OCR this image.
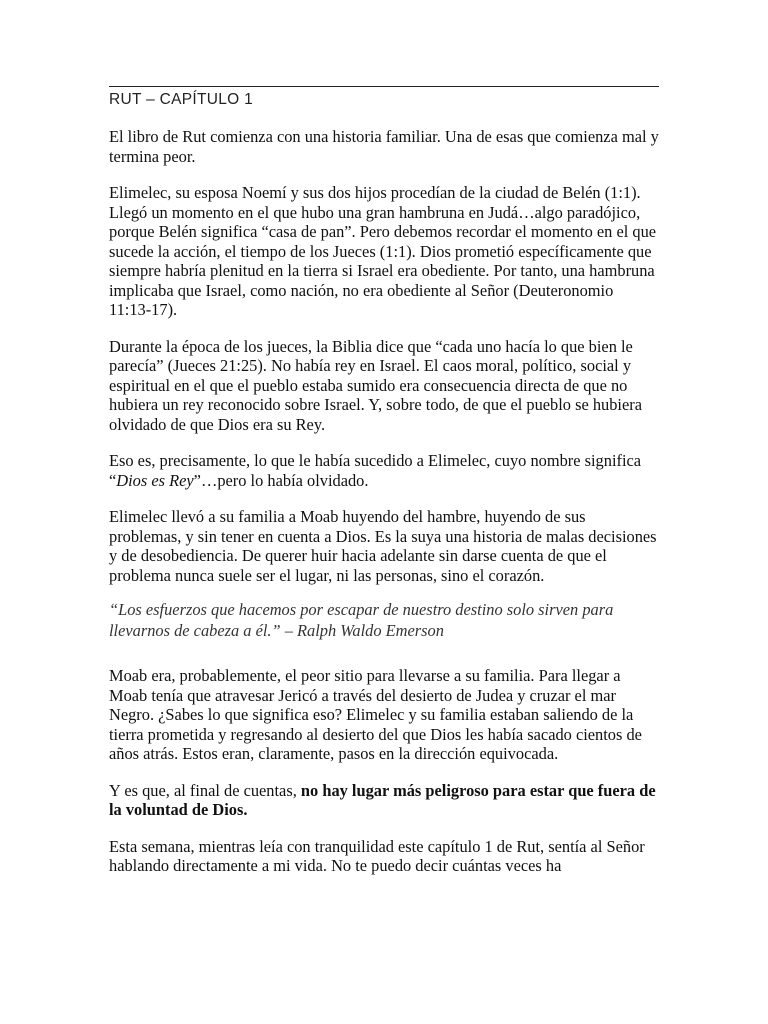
RUT – CAPÍTULO 1

El libro de Rut comienza con una historia familiar. Una de esas que comienza mal y termina peor.

Elimelec, su esposa Noemí y sus dos hijos procedían de la ciudad de Belén (1:1). Llegó un momento en el que hubo una gran hambruna en Judá…algo paradójico, porque Belén significa “casa de pan”. Pero debemos recordar el momento en el que sucede la acción, el tiempo de los Jueces (1:1). Dios prometió específicamente que siempre habría plenitud en la tierra si Israel era obediente. Por tanto, una hambruna implicaba que Israel, como nación, no era obediente al Señor (Deuteronomio 11:13-17).

Durante la época de los jueces, la Biblia dice que “cada uno hacía lo que bien le parecía” (Jueces 21:25). No había rey en Israel. El caos moral, político, social y espiritual en el que el pueblo estaba sumido era consecuencia directa de que no hubiera un rey reconocido sobre Israel. Y, sobre todo, de que el pueblo se hubiera olvidado de que Dios era su Rey.

Eso es, precisamente, lo que le había sucedido a Elimelec, cuyo nombre significa “Dios es Rey”…pero lo había olvidado.

Elimelec llevó a su familia a Moab huyendo del hambre, huyendo de sus problemas, y sin tener en cuenta a Dios. Es la suya una historia de malas decisiones y de desobediencia. De querer huir hacia adelante sin darse cuenta de que el problema nunca suele ser el lugar, ni las personas, sino el corazón.

“Los esfuerzos que hacemos por escapar de nuestro destino solo sirven para llevarnos de cabeza a él.” – Ralph Waldo Emerson

Moab era, probablemente, el peor sitio para llevarse a su familia. Para llegar a Moab tenía que atravesar Jericó a través del desierto de Judea y cruzar el mar Negro. ¿Sabes lo que significa eso? Elimelec y su familia estaban saliendo de la tierra prometida y regresando al desierto del que Dios les había sacado cientos de años atrás. Estos eran, claramente, pasos en la dirección equivocada.

Y es que, al final de cuentas, no hay lugar más peligroso para estar que fuera de la voluntad de Dios.

Esta semana, mientras leía con tranquilidad este capítulo 1 de Rut, sentía al Señor hablando directamente a mi vida. No te puedo decir cuántas veces ha
